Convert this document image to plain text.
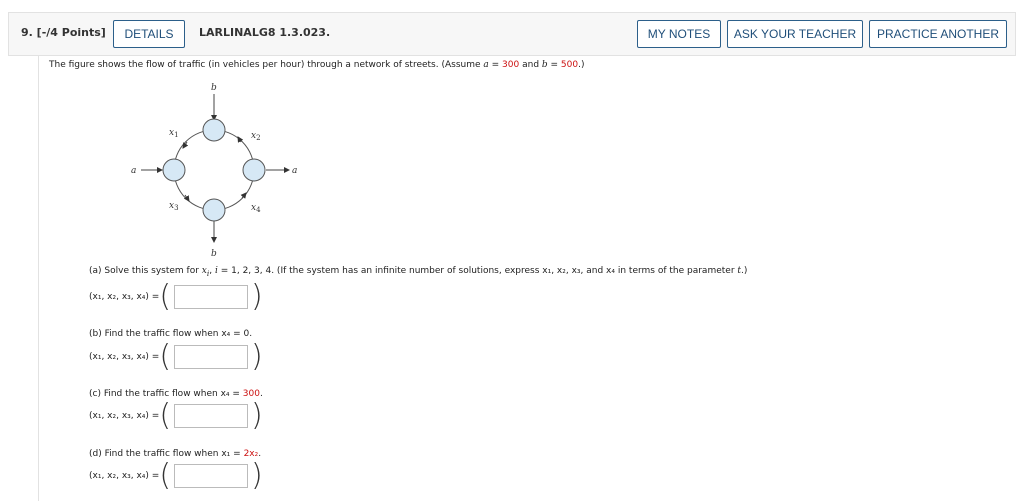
9. [-/4 Points]	DETAILS	LARLINALG8 1.3.023.	MY NOTES	ASK YOUR TEACHER	PRACTICE ANOTHER
The figure shows the flow of traffic (in vehicles per hour) through a network of streets. (Assume a = 300 and b = 500.)
b
b
a	a
$x_1$	$x_2$
$x_3$	$x_4$
(a) Solve this system for $x_i$, i = 1, 2, 3, 4. (If the system has an infinite number of solutions, express x₁, x₂, x₃, and x₄ in terms of the parameter t.)
(x₁, x₂, x₃, x₄) = (	)
(b) Find the traffic flow when x₄ = 0.
(x₁, x₂, x₃, x₄) = (	)
(c) Find the traffic flow when x₄ = 300.
(x₁, x₂, x₃, x₄) = (	)
(d) Find the traffic flow when x₁ = 2x₂.
(x₁, x₂, x₃, x₄) = (	)
